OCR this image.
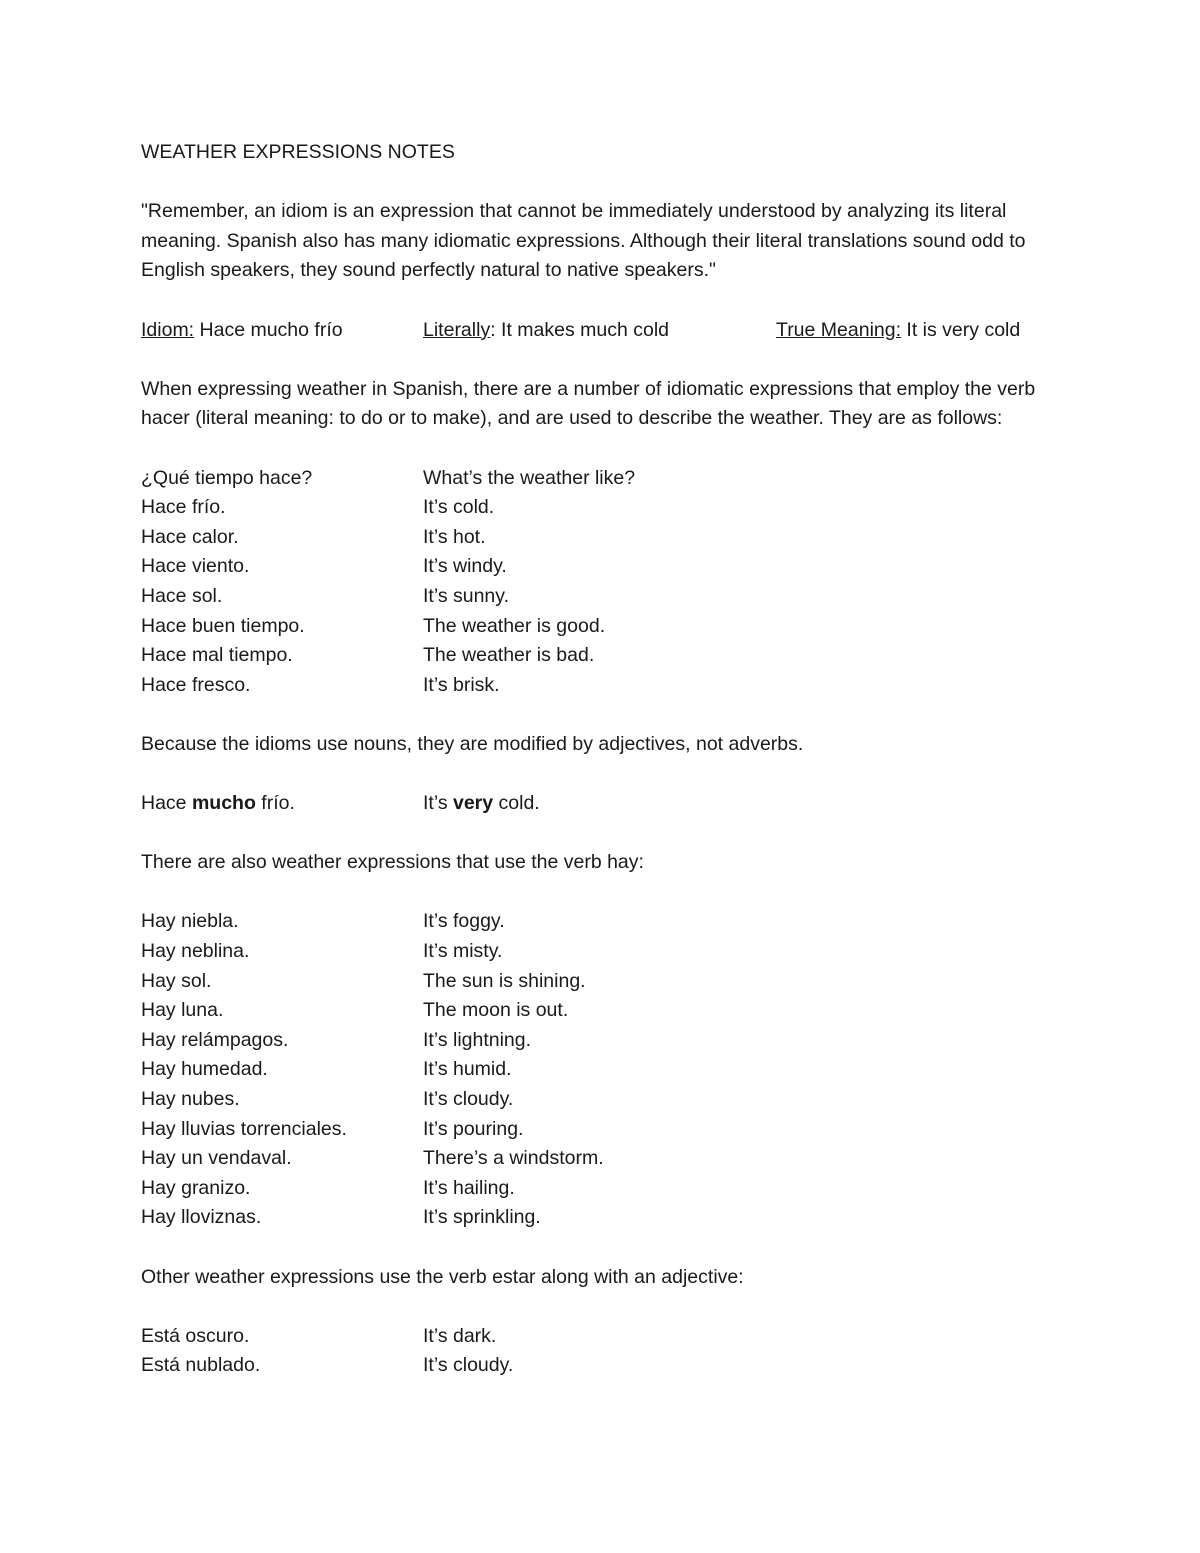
WEATHER EXPRESSIONS NOTES

"Remember, an idiom is an expression that cannot be immediately understood by analyzing its literal meaning. Spanish also has many idiomatic expressions. Although their literal translations sound odd to English speakers, they sound perfectly natural to native speakers."

Idiom: Hace mucho frío	Literally: It makes much cold	True Meaning: It is very cold

When expressing weather in Spanish, there are a number of idiomatic expressions that employ the verb hacer (literal meaning: to do or to make), and are used to describe the weather. They are as follows:

¿Qué tiempo hace?	What’s the weather like?
Hace frío.	It’s cold.
Hace calor.	It’s hot.
Hace viento.	It’s windy.
Hace sol.	It’s sunny.
Hace buen tiempo.	The weather is good.
Hace mal tiempo.	The weather is bad.
Hace fresco.	It’s brisk.

Because the idioms use nouns, they are modified by adjectives, not adverbs.

Hace mucho frío.	It’s very cold.

There are also weather expressions that use the verb hay:

Hay niebla.	It’s foggy.
Hay neblina.	It’s misty.
Hay sol.	The sun is shining.
Hay luna.	The moon is out.
Hay relámpagos.	It’s lightning.
Hay humedad.	It’s humid.
Hay nubes.	It’s cloudy.
Hay lluvias torrenciales.	It’s pouring.
Hay un vendaval.	There’s a windstorm.
Hay granizo.	It’s hailing.
Hay lloviznas.	It’s sprinkling.

Other weather expressions use the verb estar along with an adjective:

Está oscuro.	It’s dark.
Está nublado.	It’s cloudy.
